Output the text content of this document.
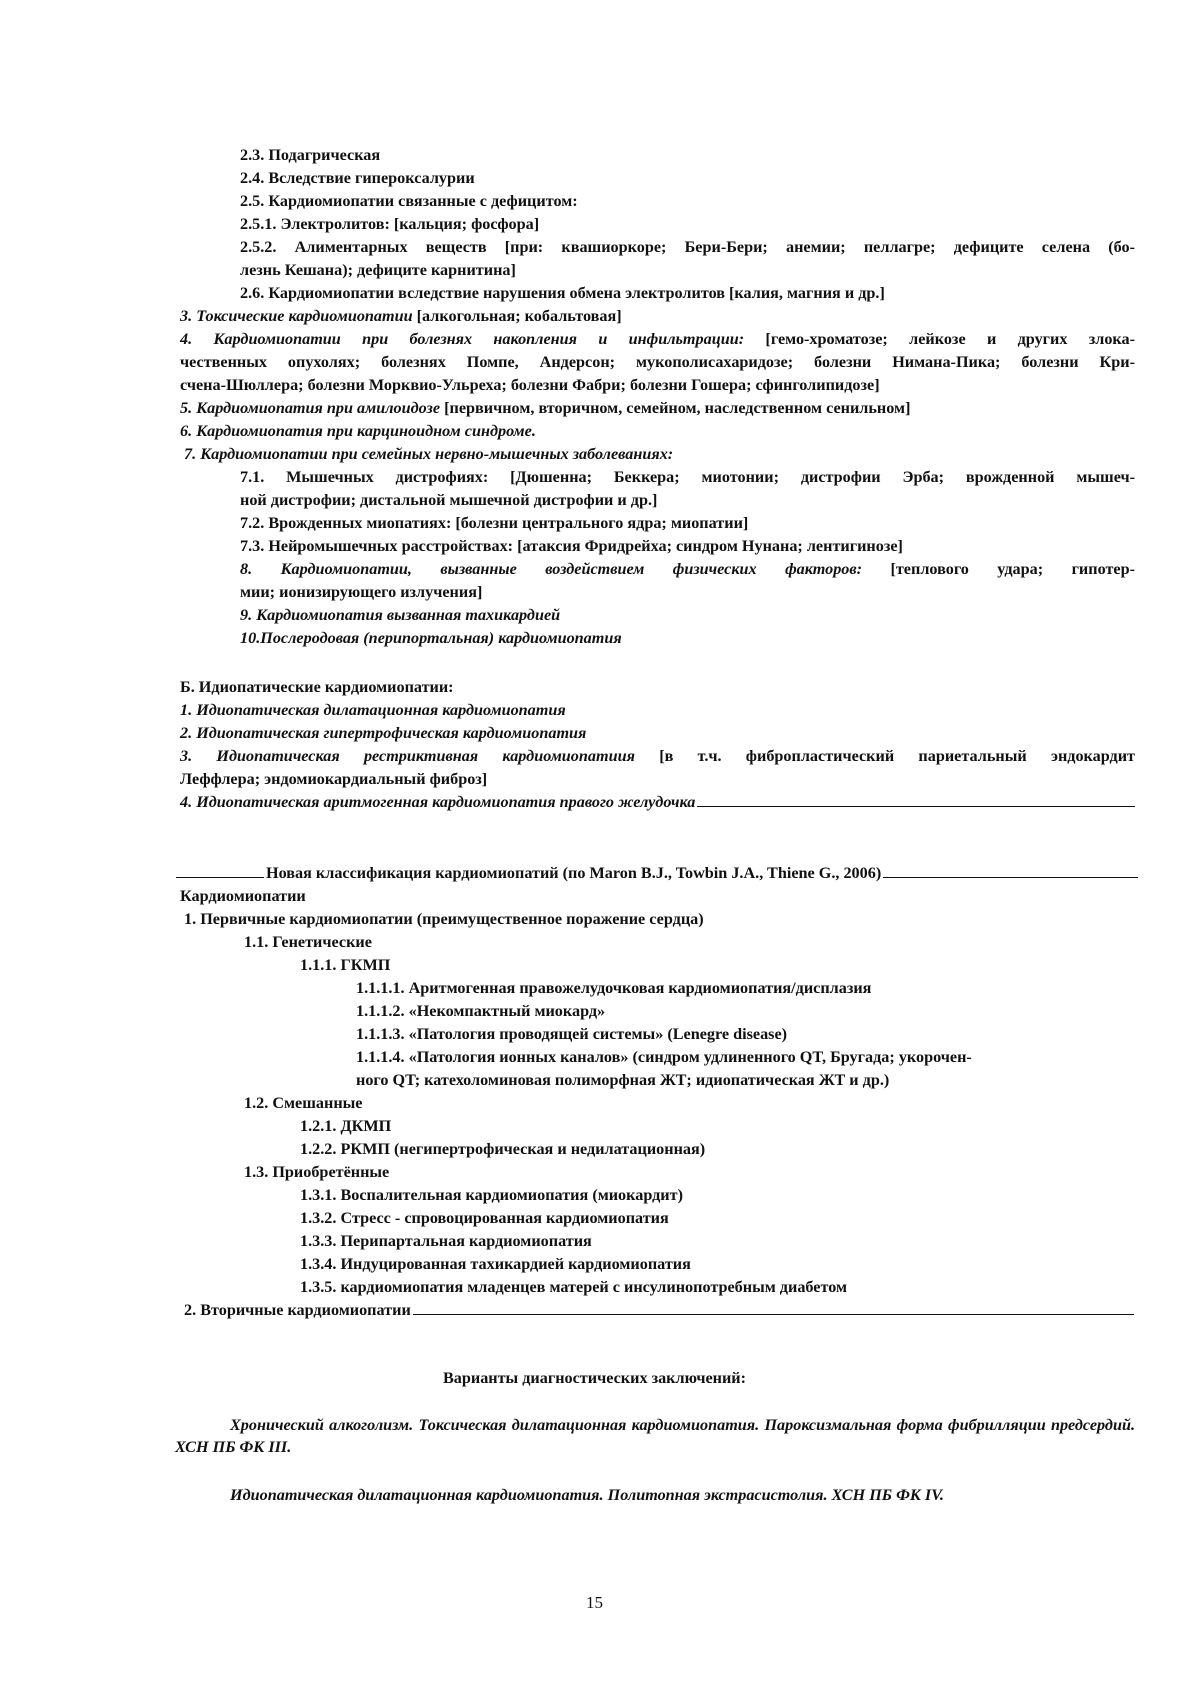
2.3. Подагрическая
2.4. Вследствие гипероксалурии
2.5. Кардиомиопатии связанные с дефицитом:
2.5.1. Электролитов: [кальция; фосфора]
2.5.2. Алиментарных веществ [при: квашиоркоре; Бери-Бери; анемии; пеллагре; дефиците селена (бо-
лезнь Кешана); дефиците карнитина]
2.6. Кардиомиопатии вследствие нарушения обмена электролитов [калия, магния и др.]
3. Токсические кардиомиопатии [алкогольная; кобальтовая]
4. Кардиомиопатии при болезнях накопления и инфильтрации: [гемо-хроматозе; лейкозе и других злока-
чественных опухолях; болезнях Помпе, Андерсон; мукополисахаридозе; болезни Нимана-Пика; болезни Кри-
счена-Шюллера; болезни Морквио-Ульреха; болезни Фабри; болезни Гошера; сфинголипидозе]
5. Кардиомиопатия при амилоидозе [первичном, вторичном, семейном, наследственном сенильном]
6. Кардиомиопатия при карциноидном синдроме.
7. Кардиомиопатии при семейных нервно-мышечных заболеваниях:
7.1. Мышечных дистрофиях: [Дюшенна; Беккера; миотонии; дистрофии Эрба; врожденной мышеч-
ной дистрофии; дистальной мышечной дистрофии и др.]
7.2. Врожденных миопатиях: [болезни центрального ядра; миопатии]
7.3. Нейромышечных расстройствах: [атаксия Фридрейха; синдром Нунана; лентигинозе]
8. Кардиомиопатии, вызванные воздействием физических факторов: [теплового удара; гипотер-
мии; ионизирующего излучения]
9. Кардиомиопатия вызванная тахикардией
10.Послеродовая (перипортальная) кардиомиопатия
Б. Идиопатические кардиомиопатии:
1. Идиопатическая дилатационная кардиомиопатия
2. Идиопатическая гипертрофическая кардиомиопатия
3. Идиопатическая рестриктивная кардиомиопатиия [в т.ч. фибропластический париетальный эндокардит
Леффлера; эндомиокардиальный фиброз]
4. Идиопатическая аритмогенная кардиомиопатия правого желудочка
Новая классификация кардиомиопатий (по Maron B.J., Towbin J.A., Thiene G., 2006)
Кардиомиопатии
1. Первичные кардиомиопатии (преимущественное поражение сердца)
1.1. Генетические
1.1.1. ГКМП
1.1.1.1. Аритмогенная правожелудочковая кардиомиопатия/дисплазия
1.1.1.2. «Некомпактный миокард»
1.1.1.3. «Патология проводящей системы» (Lenegre disease)
1.1.1.4. «Патология ионных каналов» (синдром удлиненного QT, Бругада; укорочен-
ного QT; катехоломиновая полиморфная ЖТ; идиопатическая ЖТ и др.)
1.2. Смешанные
1.2.1. ДКМП
1.2.2. РКМП (негипертрофическая и недилатационная)
1.3. Приобретённые
1.3.1. Воспалительная кардиомиопатия (миокардит)
1.3.2. Стресс - спровоцированная кардиомиопатия
1.3.3. Перипартальная кардиомиопатия
1.3.4. Индуцированная тахикардией кардиомиопатия
1.3.5. кардиомиопатия младенцев матерей с инсулинопотребным диабетом
2. Вторичные кардиомиопатии
Варианты диагностических заключений:
Хронический алкоголизм. Токсическая дилатационная кардиомиопатия. Пароксизмальная форма фибрилляции предсердий. ХСН ПБ ФК III.
Идиопатическая дилатационная кардиомиопатия. Политопная экстрасистолия. ХСН ПБ ФК IV.
15
